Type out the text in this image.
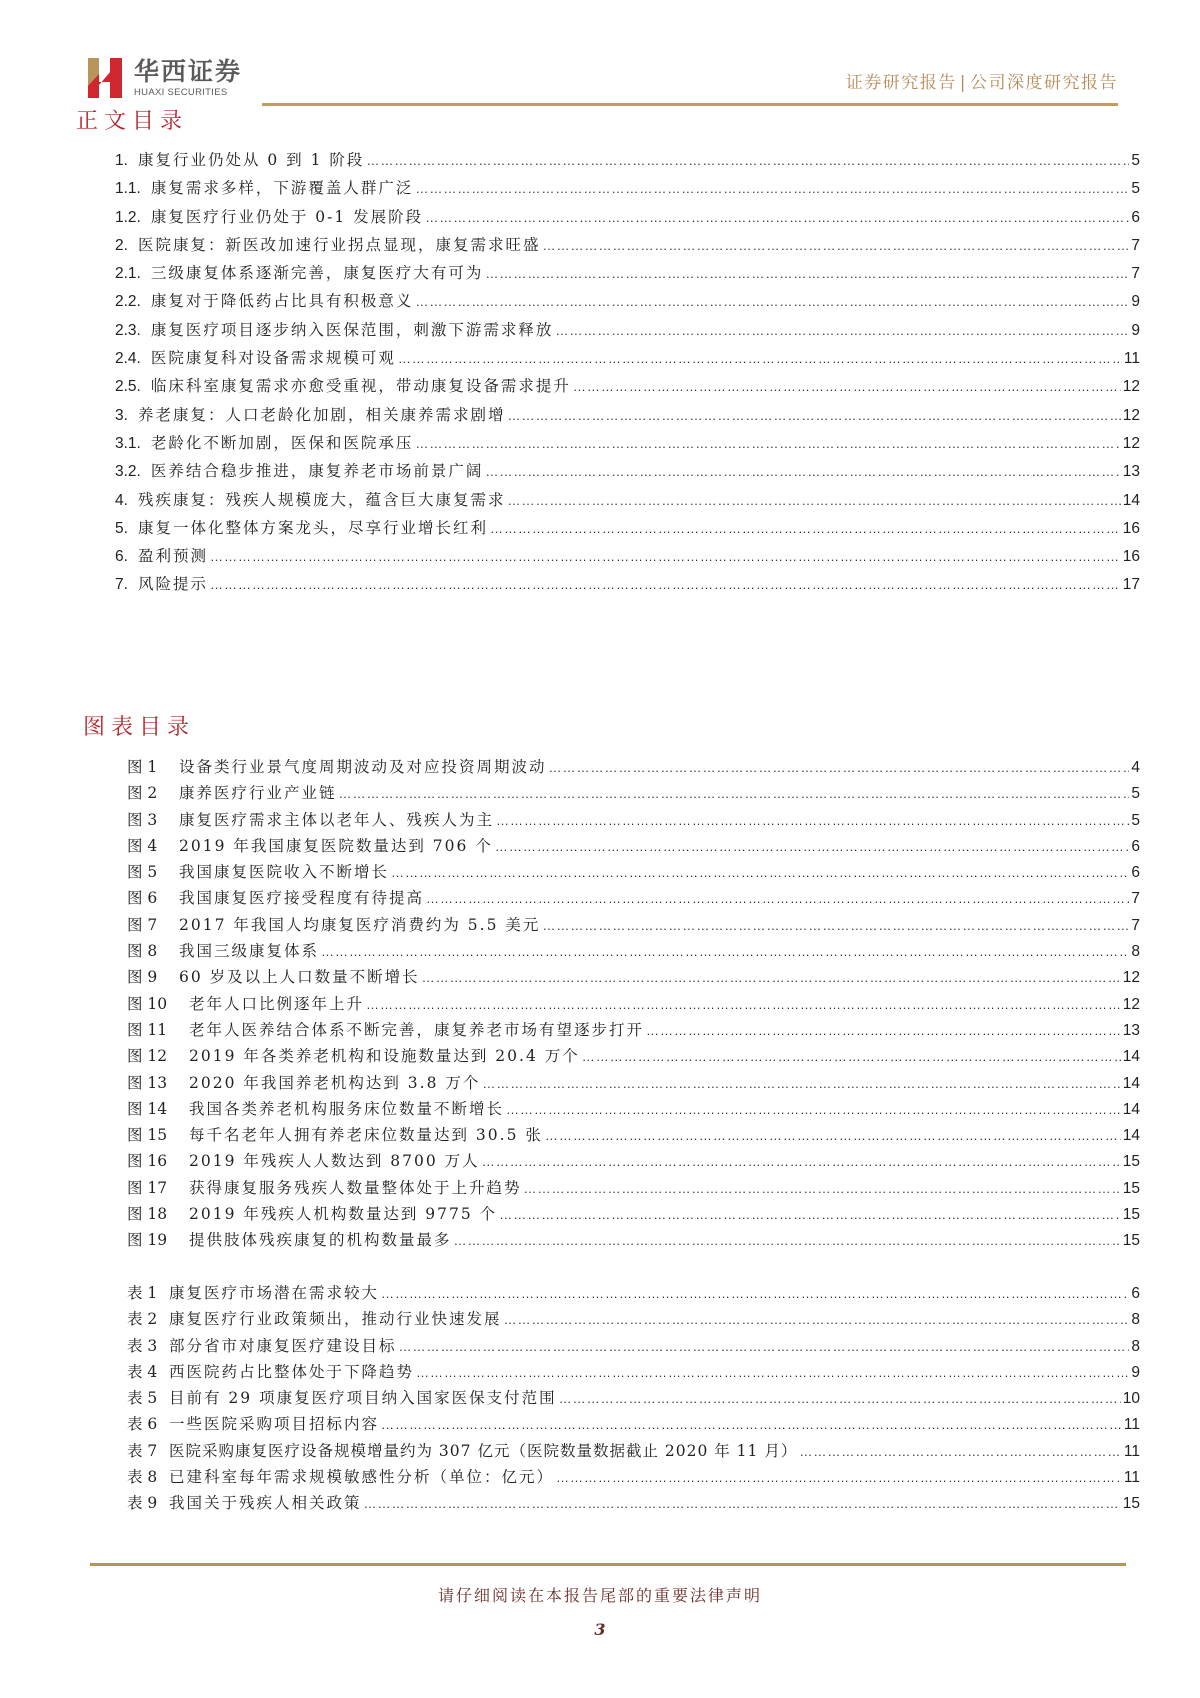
华西证券
HUAXI SECURITIES	证券研究报告 | 公司深度研究报告
正文目录
1. 康复行业仍处从 0 到 1 阶段 ……………………………………………………………………………………………………………………………………………………………………………………………………………………………………………………	5
1.1. 康复需求多样，下游覆盖人群广泛 ……………………………………………………………………………………………………………………………………………………………………………………………………………………………………………………	5
1.2. 康复医疗行业仍处于 0-1 发展阶段 ……………………………………………………………………………………………………………………………………………………………………………………………………………………………………………………	6
2. 医院康复：新医改加速行业拐点显现，康复需求旺盛 ……………………………………………………………………………………………………………………………………………………………………………………………………………………………………………………	7
2.1. 三级康复体系逐渐完善，康复医疗大有可为 ……………………………………………………………………………………………………………………………………………………………………………………………………………………………………………………	7
2.2. 康复对于降低药占比具有积极意义 ……………………………………………………………………………………………………………………………………………………………………………………………………………………………………………………	9
2.3. 康复医疗项目逐步纳入医保范围，刺激下游需求释放 ……………………………………………………………………………………………………………………………………………………………………………………………………………………………………………………	9
2.4. 医院康复科对设备需求规模可观 ……………………………………………………………………………………………………………………………………………………………………………………………………………………………………………………	11
2.5. 临床科室康复需求亦愈受重视，带动康复设备需求提升 ……………………………………………………………………………………………………………………………………………………………………………………………………………………………………………………	12
3. 养老康复：人口老龄化加剧，相关康养需求剧增 ……………………………………………………………………………………………………………………………………………………………………………………………………………………………………………………	12
3.1. 老龄化不断加剧，医保和医院承压 ……………………………………………………………………………………………………………………………………………………………………………………………………………………………………………………	12
3.2. 医养结合稳步推进，康复养老市场前景广阔 ……………………………………………………………………………………………………………………………………………………………………………………………………………………………………………………	13
4. 残疾康复：残疾人规模庞大，蕴含巨大康复需求 ……………………………………………………………………………………………………………………………………………………………………………………………………………………………………………………	14
5. 康复一体化整体方案龙头，尽享行业增长红利 ……………………………………………………………………………………………………………………………………………………………………………………………………………………………………………………	16
6. 盈利预测 ……………………………………………………………………………………………………………………………………………………………………………………………………………………………………………………	16
7. 风险提示 ……………………………………………………………………………………………………………………………………………………………………………………………………………………………………………………	17
图表目录
图 1	设备类行业景气度周期波动及对应投资周期波动 ……………………………………………………………………………………………………………………………………………………………………………………………………………………………………………………	4
图 2	康养医疗行业产业链 ……………………………………………………………………………………………………………………………………………………………………………………………………………………………………………………	5
图 3	康复医疗需求主体以老年人、残疾人为主 ……………………………………………………………………………………………………………………………………………………………………………………………………………………………………………………	5
图 4	2019 年我国康复医院数量达到 706 个 ……………………………………………………………………………………………………………………………………………………………………………………………………………………………………………………	6
图 5	我国康复医院收入不断增长 ……………………………………………………………………………………………………………………………………………………………………………………………………………………………………………………	6
图 6	我国康复医疗接受程度有待提高 ……………………………………………………………………………………………………………………………………………………………………………………………………………………………………………………	7
图 7	2017 年我国人均康复医疗消费约为 5.5 美元 ……………………………………………………………………………………………………………………………………………………………………………………………………………………………………………………	7
图 8	我国三级康复体系 ……………………………………………………………………………………………………………………………………………………………………………………………………………………………………………………	8
图 9	60 岁及以上人口数量不断增长 ……………………………………………………………………………………………………………………………………………………………………………………………………………………………………………………	12
图 10	老年人口比例逐年上升 ……………………………………………………………………………………………………………………………………………………………………………………………………………………………………………………	12
图 11	老年人医养结合体系不断完善，康复养老市场有望逐步打开 ……………………………………………………………………………………………………………………………………………………………………………………………………………………………………………………	13
图 12	2019 年各类养老机构和设施数量达到 20.4 万个 ……………………………………………………………………………………………………………………………………………………………………………………………………………………………………………………	14
图 13	2020 年我国养老机构达到 3.8 万个 ……………………………………………………………………………………………………………………………………………………………………………………………………………………………………………………	14
图 14	我国各类养老机构服务床位数量不断增长 ……………………………………………………………………………………………………………………………………………………………………………………………………………………………………………………	14
图 15	每千名老年人拥有养老床位数量达到 30.5 张 ……………………………………………………………………………………………………………………………………………………………………………………………………………………………………………………	14
图 16	2019 年残疾人人数达到 8700 万人 ……………………………………………………………………………………………………………………………………………………………………………………………………………………………………………………	15
图 17	获得康复服务残疾人数量整体处于上升趋势 ……………………………………………………………………………………………………………………………………………………………………………………………………………………………………………………	15
图 18	2019 年残疾人机构数量达到 9775 个 ……………………………………………………………………………………………………………………………………………………………………………………………………………………………………………………	15
图 19	提供肢体残疾康复的机构数量最多 ……………………………………………………………………………………………………………………………………………………………………………………………………………………………………………………	15
表 1 康复医疗市场潜在需求较大 ……………………………………………………………………………………………………………………………………………………………………………………………………………………………………………………	6
表 2 康复医疗行业政策频出，推动行业快速发展 ……………………………………………………………………………………………………………………………………………………………………………………………………………………………………………………	8
表 3 部分省市对康复医疗建设目标 ……………………………………………………………………………………………………………………………………………………………………………………………………………………………………………………	8
表 4 西医院药占比整体处于下降趋势 ……………………………………………………………………………………………………………………………………………………………………………………………………………………………………………………	9
表 5 目前有 29 项康复医疗项目纳入国家医保支付范围 ……………………………………………………………………………………………………………………………………………………………………………………………………………………………………………………	10
表 6 一些医院采购项目招标内容 ……………………………………………………………………………………………………………………………………………………………………………………………………………………………………………………	11
表 7 医院采购康复医疗设备规模增量约为 307 亿元（医院数量数据截止 2020 年 11 月） ……………………………………………………………………………………………………………………………………………………………………………………………………………………………………………………	11
表 8 已建科室每年需求规模敏感性分析（单位：亿元） ……………………………………………………………………………………………………………………………………………………………………………………………………………………………………………………	11
表 9 我国关于残疾人相关政策 ……………………………………………………………………………………………………………………………………………………………………………………………………………………………………………………	15
请仔细阅读在本报告尾部的重要法律声明
3
